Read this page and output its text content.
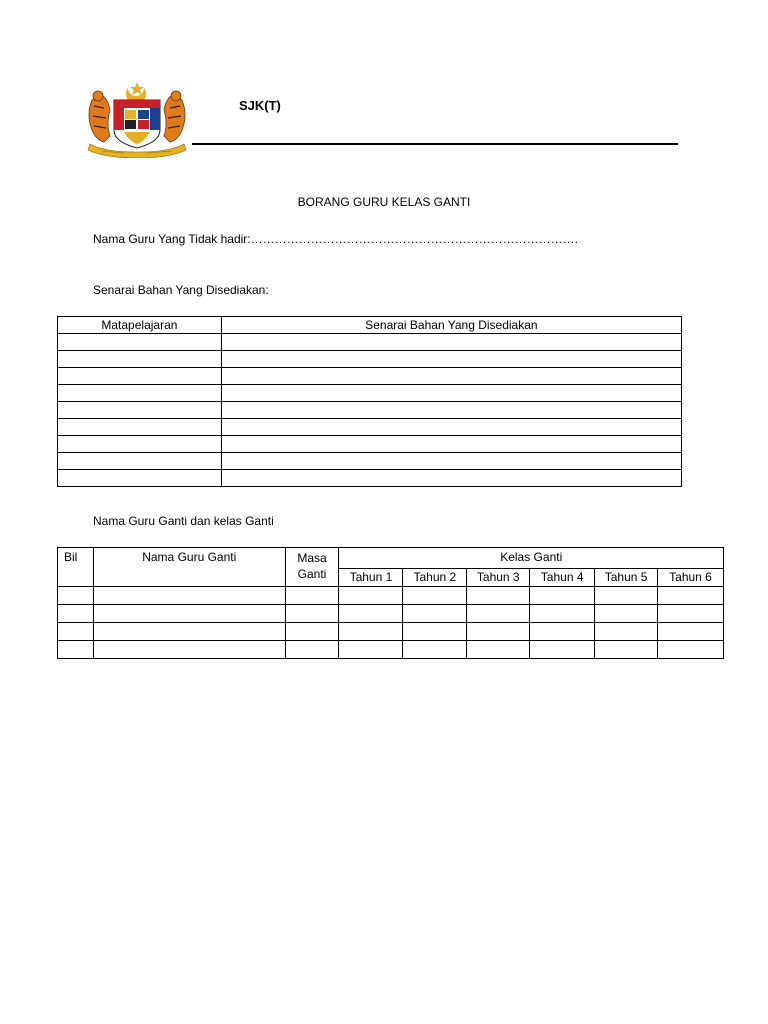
SJK(T)
BORANG GURU KELAS GANTI
Nama Guru Yang Tidak hadir:……………………………………………………………………….
Senarai Bahan Yang Disediakan:
Matapelajaran	Senarai Bahan Yang Disediakan

Nama Guru Ganti dan kelas Ganti
Bil	Nama Guru Ganti	Masa Ganti	Kelas Ganti					
			Tahun 1	Tahun 2	Tahun 3	Tahun 4	Tahun 5	Tahun 6
